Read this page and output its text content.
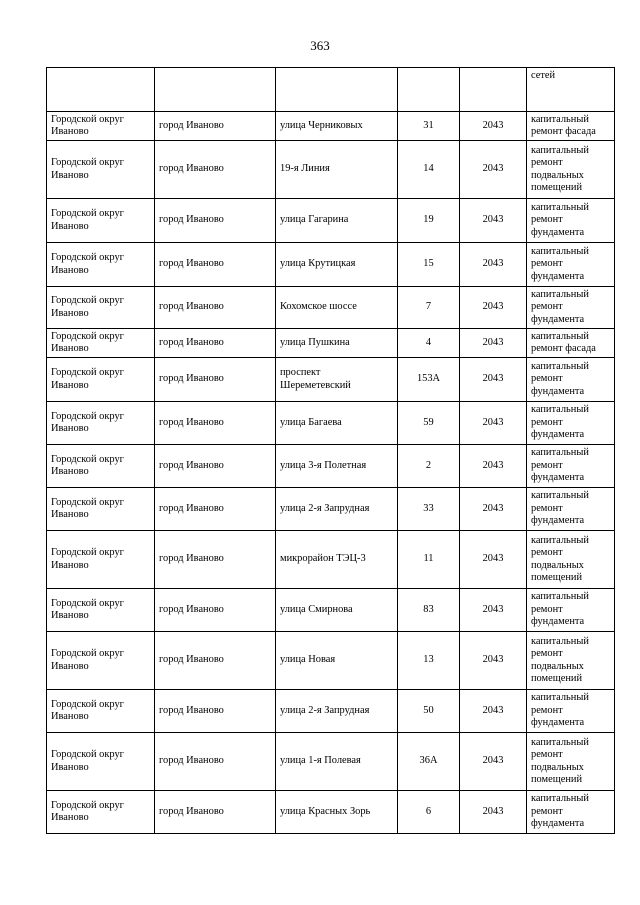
363
					сетей
Городской округ Иваново	город Иваново	улица Черниковых	31	2043	капитальный ремонт фасада
Городской округ Иваново	город Иваново	19-я Линия	14	2043	капитальный ремонт подвальных помещений
Городской округ Иваново	город Иваново	улица Гагарина	19	2043	капитальный ремонт фундамента
Городской округ Иваново	город Иваново	улица Крутицкая	15	2043	капитальный ремонт фундамента
Городской округ Иваново	город Иваново	Кохомское шоссе	7	2043	капитальный ремонт фундамента
Городской округ Иваново	город Иваново	улица Пушкина	4	2043	капитальный ремонт фасада
Городской округ Иваново	город Иваново	проспект Шереметевский	153А	2043	капитальный ремонт фундамента
Городской округ Иваново	город Иваново	улица Багаева	59	2043	капитальный ремонт фундамента
Городской округ Иваново	город Иваново	улица 3-я Полетная	2	2043	капитальный ремонт фундамента
Городской округ Иваново	город Иваново	улица 2-я Запрудная	33	2043	капитальный ремонт фундамента
Городской округ Иваново	город Иваново	микрорайон ТЭЦ-3	11	2043	капитальный ремонт подвальных помещений
Городской округ Иваново	город Иваново	улица Смирнова	83	2043	капитальный ремонт фундамента
Городской округ Иваново	город Иваново	улица Новая	13	2043	капитальный ремонт подвальных помещений
Городской округ Иваново	город Иваново	улица 2-я Запрудная	50	2043	капитальный ремонт фундамента
Городской округ Иваново	город Иваново	улица 1-я Полевая	36А	2043	капитальный ремонт подвальных помещений
Городской округ Иваново	город Иваново	улица Красных Зорь	6	2043	капитальный ремонт фундамента
